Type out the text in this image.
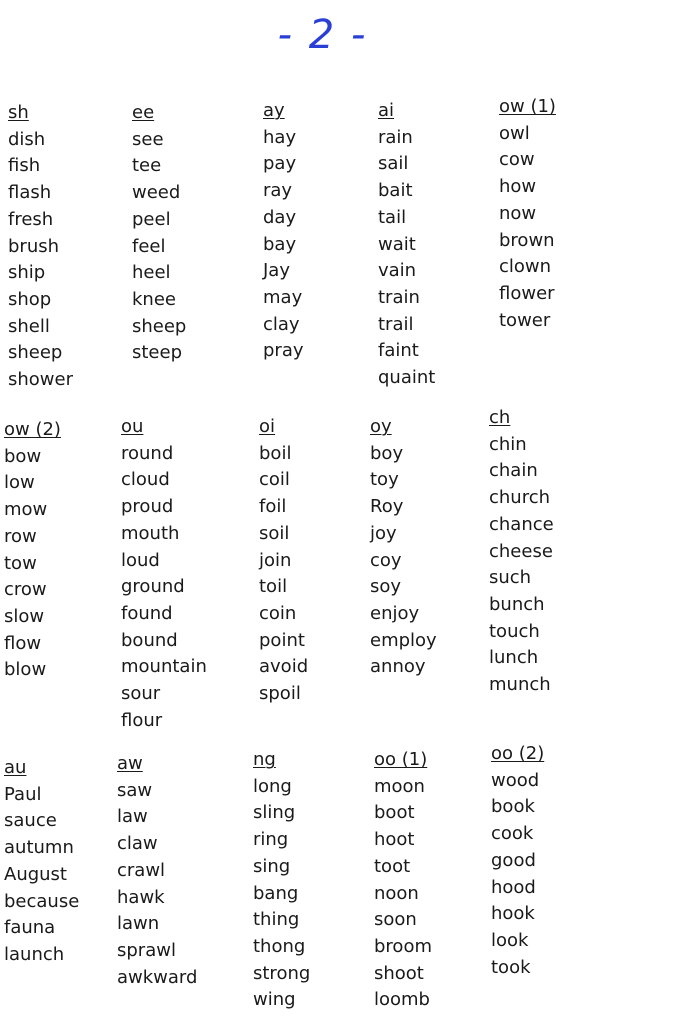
- 2 -
sh
dish
fish
flash
fresh
brush
ship
shop
shell
sheep
shower
ee
see
tee
weed
peel
feel
heel
knee
sheep
steep
ay
hay
pay
ray
day
bay
Jay
may
clay
pray
ai
rain
sail
bait
tail
wait
vain
train
trail
faint
quaint
ow (1)
owl
cow
how
now
brown
clown
flower
tower
ow (2)
bow
low
mow
row
tow
crow
slow
flow
blow
ou
round
cloud
proud
mouth
loud
ground
found
bound
mountain
sour
flour
oi
boil
coil
foil
soil
join
toil
coin
point
avoid
spoil
oy
boy
toy
Roy
joy
coy
soy
enjoy
employ
annoy
ch
chin
chain
church
chance
cheese
such
bunch
touch
lunch
munch
au
Paul
sauce
autumn
August
because
fauna
launch
aw
saw
law
claw
crawl
hawk
lawn
sprawl
awkward
ng
long
sling
ring
sing
bang
thing
thong
strong
wing
oo (1)
moon
boot
hoot
toot
noon
soon
broom
shoot
loomb
oo (2)
wood
book
cook
good
hood
hook
look
took
